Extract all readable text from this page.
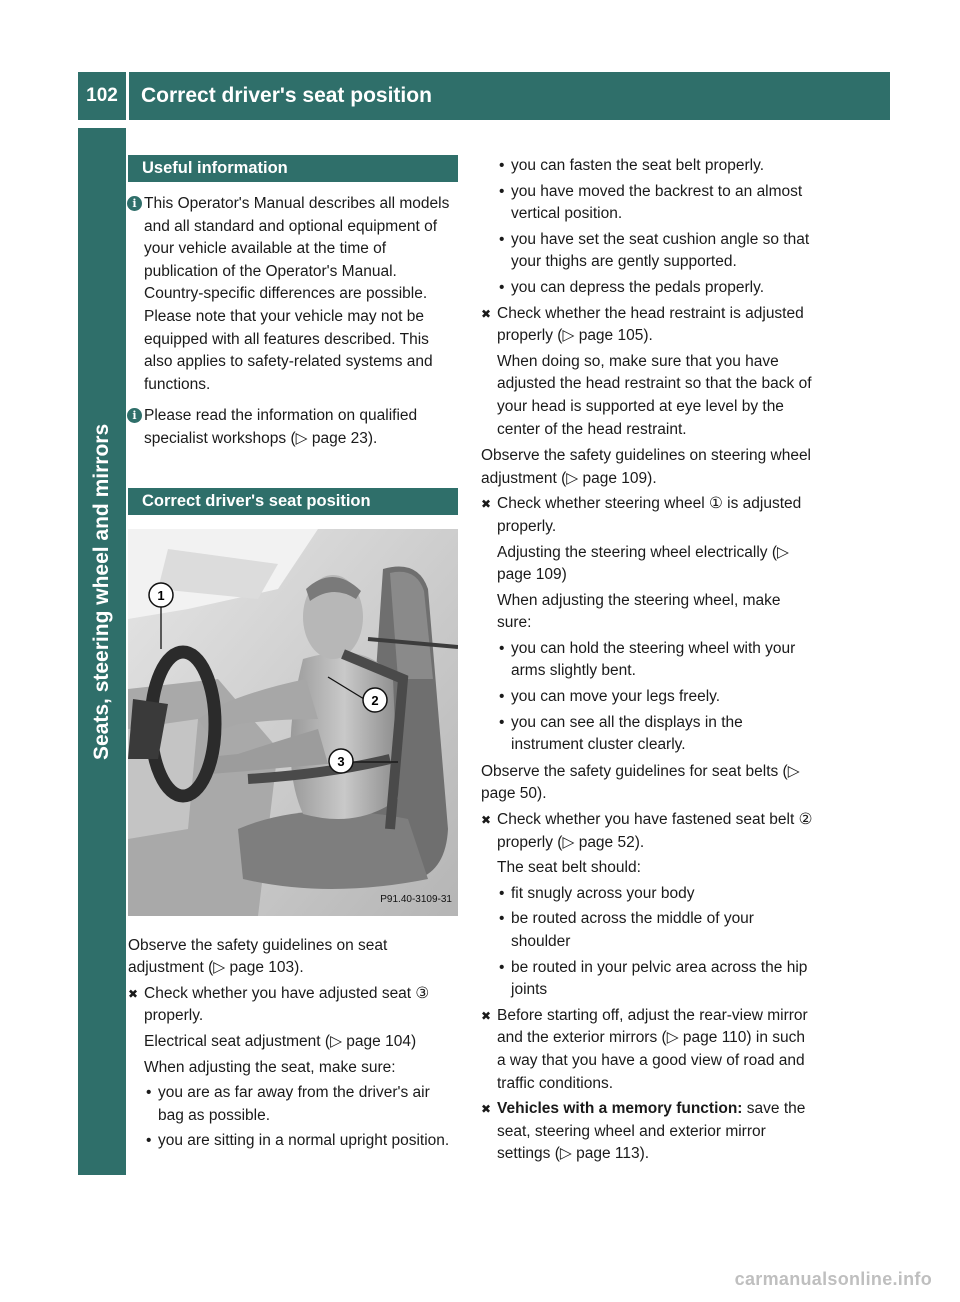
102	Correct driver's seat position
Seats, steering wheel and mirrors
Useful information
i This Operator's Manual describes all models and all standard and optional equipment of your vehicle available at the time of publication of the Operator's Manual. Country-specific differences are possible. Please note that your vehicle may not be equipped with all features described. This also applies to safety-related systems and functions.

i Please read the information on qualified specialist workshops (▷ page 23).

Correct driver's seat position
1
2
3
P91.40-3109-31

Observe the safety guidelines on seat adjustment (▷ page 103).

✖ Check whether you have adjusted seat ③ properly.

Electrical seat adjustment (▷ page 104)

When adjusting the seat, make sure:

• you are as far away from the driver's air bag as possible.

• you are sitting in a normal upright position.

• you can fasten the seat belt properly.

• you have moved the backrest to an almost vertical position.

• you have set the seat cushion angle so that your thighs are gently supported.

• you can depress the pedals properly.

✖ Check whether the head restraint is adjusted properly (▷ page 105).

When doing so, make sure that you have adjusted the head restraint so that the back of your head is supported at eye level by the center of the head restraint.

Observe the safety guidelines on steering wheel adjustment (▷ page 109).

✖ Check whether steering wheel ① is adjusted properly.

Adjusting the steering wheel electrically (▷ page 109)

When adjusting the steering wheel, make sure:

• you can hold the steering wheel with your arms slightly bent.

• you can move your legs freely.

• you can see all the displays in the instrument cluster clearly.

Observe the safety guidelines for seat belts (▷ page 50).

✖ Check whether you have fastened seat belt ② properly (▷ page 52).

The seat belt should:

• fit snugly across your body

• be routed across the middle of your shoulder

• be routed in your pelvic area across the hip joints

✖ Before starting off, adjust the rear-view mirror and the exterior mirrors (▷ page 110) in such a way that you have a good view of road and traffic conditions.

✖ Vehicles with a memory function: save the seat, steering wheel and exterior mirror settings (▷ page 113).

carmanualsonline.info
